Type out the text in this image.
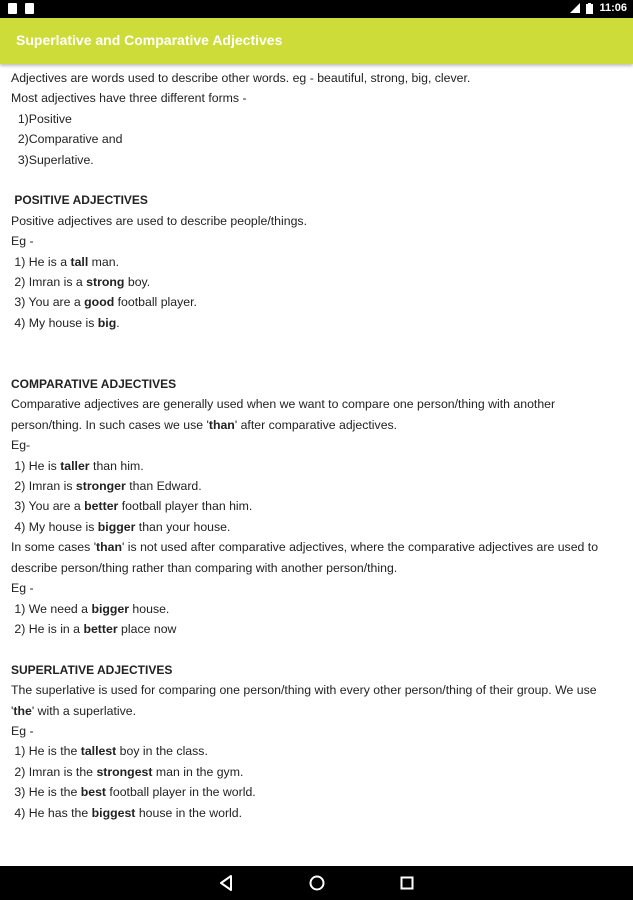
11:06
Superlative and Comparative Adjectives
Adjectives are words used to describe other words. eg - beautiful, strong, big, clever.
Most adjectives have three different forms -
1)Positive
2)Comparative and
3)Superlative.
POSITIVE ADJECTIVES
Positive adjectives are used to describe people/things.
Eg -
1) He is a tall man.
2) Imran is a strong boy.
3) You are a good football player.
4) My house is big.
COMPARATIVE ADJECTIVES
Comparative adjectives are generally used when we want to compare one person/thing with another
person/thing. In such cases we use 'than' after comparative adjectives.
Eg-
1) He is taller than him.
2) Imran is stronger than Edward.
3) You are a better football player than him.
4) My house is bigger than your house.
In some cases 'than' is not used after comparative adjectives, where the comparative adjectives are used to
describe person/thing rather than comparing with another person/thing.
Eg -
1) We need a bigger house.
2) He is in a better place now
SUPERLATIVE ADJECTIVES
The superlative is used for comparing one person/thing with every other person/thing of their group. We use
'the' with a superlative.
Eg -
1) He is the tallest boy in the class.
2) Imran is the strongest man in the gym.
3) He is the best football player in the world.
4) He has the biggest house in the world.
